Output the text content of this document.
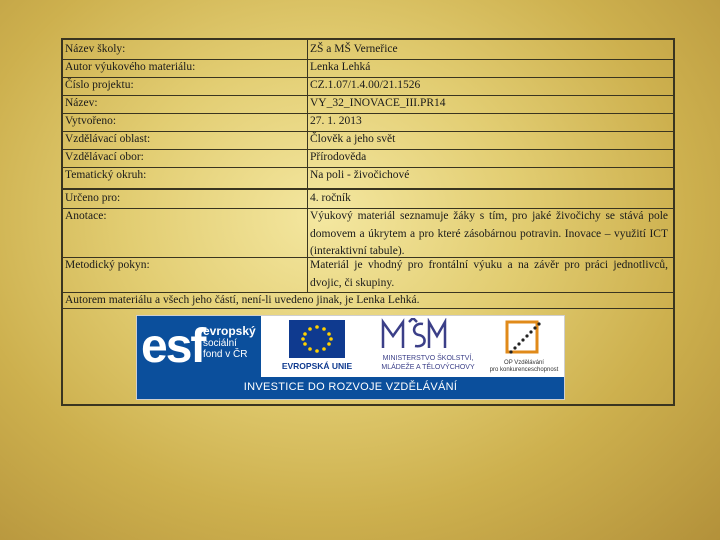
Název školy:	ZŠ a MŠ Verneřice
Autor výukového materiálu:	Lenka Lehká
Číslo projektu:	CZ.1.07/1.4.00/21.1526
Název:	VY_32_INOVACE_III.PR14
Vytvořeno:	27. 1. 2013
Vzdělávací oblast:	Člověk a jeho svět
Vzdělávací obor:	Přírodověda
Tematický okruh:	Na poli - živočichové
Určeno pro:	4. ročník
Anotace:	Výukový materiál seznamuje žáky s tím, pro jaké živočichy se stává pole domovem a úkrytem a pro které zásobárnou potravin. Inovace – využití ICT (interaktivní tabule).
Metodický pokyn:	Materiál je vhodný pro frontální výuku a na závěr pro práci jednotlivců, dvojic, či skupiny.
Autorem materiálu a všech jeho částí, není-li uvedeno jinak, je Lenka Lehká.
esf
evropský
sociální
fond v ČR
EVROPSKÁ UNIE
MINISTERSTVO ŠKOLSTVÍ,
MLÁDEŽE A TĚLOVÝCHOVY
OP Vzdělávání
pro konkurenceschopnost
INVESTICE DO ROZVOJE VZDĚLÁVÁNÍ
